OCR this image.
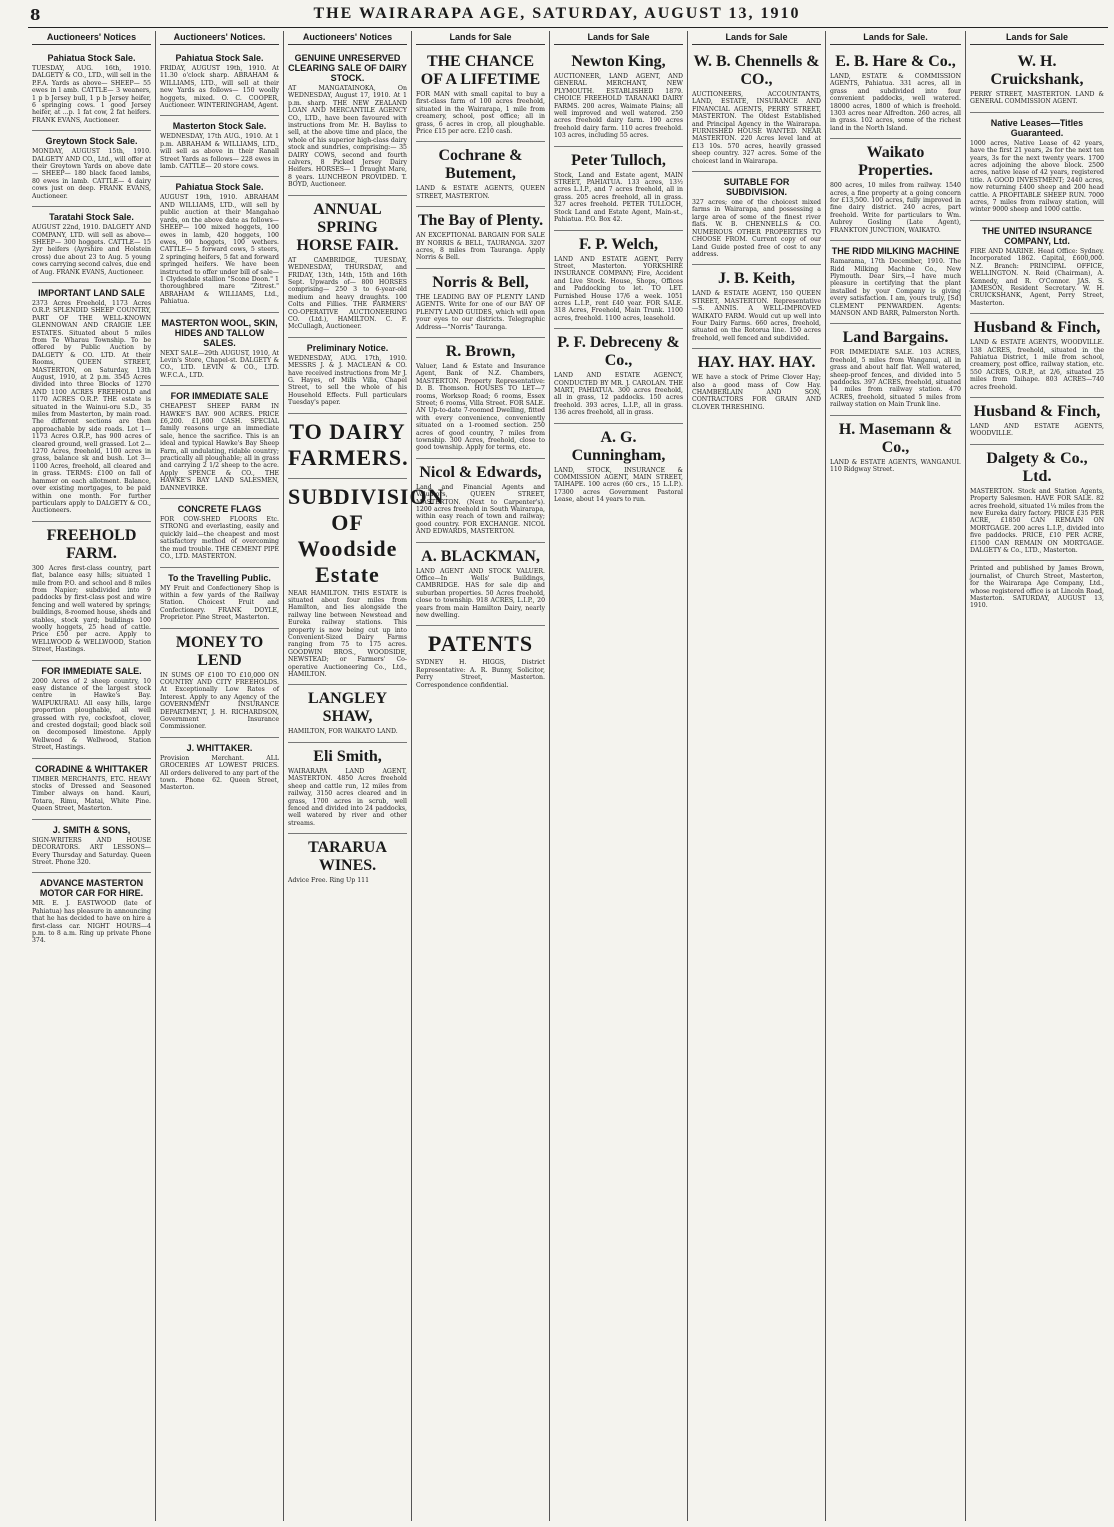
8	THE WAIRARAPA AGE, SATURDAY, AUGUST 13, 1910
Auctioneers' Notices
Pahiatua Stock Sale.
TUESDAY, AUG. 16th, 1910. DALGETY & CO., LTD., will sell in the P.F.A. Yards as above— SHEEP— 55 ewes in l amb. CATTLE— 3 weaners, 1 p b Jersey bull, 1 p b Jersey heifer, 6 springing cows. 1 good Jersey heifer, at ...p. 1 fat cow, 2 fat heifers. FRANK EVANS, Auctioneer.
Greytown Stock Sale.
MONDAY, AUGUST 15th, 1910. DALGETY AND CO., Ltd., will offer at their Greytown Yards on above date— SHEEP— 180 black faced lambs, 80 ewes in lamb. CATTLE— 4 dairy cows just on deep. FRANK EVANS, Auctioneer.
Taratahi Stock Sale.
AUGUST 22nd, 1910. DALGETY AND COMPANY, LTD. will sell as above— SHEEP— 300 hoggets. CATTLE— 15 2yr heifers (Ayrshire and Holstein cross) due about 23 to Aug. 5 young cows carrying second calves, due end of Aug. FRANK EVANS, Auctioneer.
IMPORTANT LAND SALE
2373 Acres Freehold, 1173 Acres O.R.P. SPLENDID SHEEP COUNTRY, PART OF THE WELL-KNOWN GLENNOWAN AND CRAIGIE LEE ESTATES. Situated about 5 miles from Te Wharau Township. To be offered by Public Auction by DALGETY & CO. LTD. At their Rooms, QUEEN STREET, MASTERTON, on Saturday, 13th August, 1910, at 2 p.m. 3545 Acres divided into three Blocks of 1270 AND 1100 ACRES FREEHOLD and 1170 ACRES O.R.P. THE estate is situated in the Wainui-oru S.D., 35 miles from Masterton, by main road. The different sections are then approachable by side roads. Lot 1—1173 Acres O.R.P., has 900 acres of cleared ground, well grassed. Lot 2—1270 Acres, freehold, 1100 acres in grass, balance sk and bush. Lot 3—1100 Acres, freehold, all cleared and in grass. TERMS: £100 on fall of hammer on each allotment. Balance, over existing mortgages, to be paid within one month. For further particulars apply to DALGETY & CO., Auctioneers.
FREEHOLD FARM.
300 Acres first-class country, part flat, balance easy hills; situated 1 mile from P.O. and school and 8 miles from Napier; subdivided into 9 paddocks by first-class post and wire fencing and well watered by springs; buildings, 8-roomed house, sheds and stables, stock yard; buildings 100 woolly hoggets, 25 head of cattle. Price £50 per acre. Apply to WELLWOOD & WELLWOOD, Station Street, Hastings.
FOR IMMEDIATE SALE.
2000 Acres of 2 sheep country, 10 easy distance of the largest stock centre in Hawke's Bay. WAIPUKURAU. All easy hills, large proportion ploughable, all well grassed with rye, cocksfoot, clover, and crested dogstail; good black soil on decomposed limestone. Apply Wellwood & Wellwood, Station Street, Hastings.
CORADINE & WHITTAKER
TIMBER MERCHANTS, ETC. HEAVY stocks of Dressed and Seasoned Timber always on hand. Kauri, Totara, Rimu, Matai, White Pine. Queen Street, Masterton.
J. SMITH & SONS,
SIGN-WRITERS AND HOUSE DECORATORS. ART LESSONS—Every Thursday and Saturday. Queen Street. Phone 320.
ADVANCE MASTERTON MOTOR CAR FOR HIRE.
MR. E. J. EASTWOOD (late of Pahiatua) has pleasure in announcing that he has decided to have on hire a first-class car. NIGHT HOURS—4 p.m. to 8 a.m. Ring up private Phone 374.
Auctioneers' Notices.
Pahiatua Stock Sale.
FRIDAY, AUGUST 19th, 1910. At 11.30 o'clock sharp. ABRAHAM & WILLIAMS, LTD., will sell at their new Yards as follows— 150 woolly hoggets, mixed. O. C. COOPER, Auctioneer. WINTERINGHAM, Agent.
Masterton Stock Sale.
WEDNESDAY, 17th AUG., 1910. At 1 p.m. ABRAHAM & WILLIAMS, LTD., will sell as above in their Ranall Street Yards as follows— 228 ewes in lamb. CATTLE— 20 store cows.
Pahiatua Stock Sale.
AUGUST 19th, 1910. ABRAHAM AND WILLIAMS, LTD., will sell by public auction at their Mangahao yards, on the above date as follows— SHEEP— 100 mixed hoggets, 100 ewes in lamb, 420 hoggets, 100 ewes, 90 hoggets, 100 wethers. CATTLE— 5 forward cows, 5 steers, 2 springing heifers, 5 fat and forward springed heifers. We have been instructed to offer under bill of sale— 1 Clydesdale stallion "Scone Doon." 1 thoroughbred mare "Zitrest." ABRAHAM & WILLIAMS, Ltd., Pahiatua.
MASTERTON WOOL, SKIN, HIDES AND TALLOW SALES.
NEXT SALE—29th AUGUST, 1910, At Levin's Store, Chapel-st. DALGETY & CO., LTD. LEVIN & CO., LTD. W.F.C.A., LTD.
FOR IMMEDIATE SALE
CHEAPEST SHEEP FARM IN HAWKE'S BAY. 900 ACRES. PRICE £6,200. £1,800 CASH. SPECIAL family reasons urge an immediate sale, hence the sacrifice. This is an ideal and typical Hawke's Bay Sheep Farm, all undulating, ridable country; practically all ploughable; all in grass and carrying 2 1/2 sheep to the acre. Apply SPENCE & CO., THE HAWKE'S BAY LAND SALESMEN, DANNEVIRKE.
CONCRETE FLAGS
FOR COW-SHED FLOORS Etc. STRONG and everlasting, easily and quickly laid—the cheapest and most satisfactory method of overcoming the mud trouble. THE CEMENT PIPE CO., LTD. MASTERTON.
To the Travelling Public.
MY Fruit and Confectionery Shop is within a few yards of the Railway Station. Choicest Fruit and Confectionery. FRANK DOYLE, Proprietor. Pine Street, Masterton.
MONEY TO LEND
IN SUMS OF £100 TO £10,000 ON COUNTRY AND CITY FREEHOLDS. At Exceptionally Low Rates of Interest. Apply to any Agency of the GOVERNMENT INSURANCE DEPARTMENT, J. H. RICHARDSON, Government Insurance Commissioner.
J. WHITTAKER.
Provision Merchant. ALL GROCERIES AT LOWEST PRICES. All orders delivered to any part of the town. Phone 62. Queen Street, Masterton.
Auctioneers' Notices
GENUINE UNRESERVED CLEARING SALE OF DAIRY STOCK.
AT MANGATAINOKA, On WEDNESDAY, August 17, 1910. At 1 p.m. sharp. THE NEW ZEALAND LOAN AND MERCANTILE AGENCY CO., LTD., have been favoured with instructions from Mr. H. Bayliss to sell, at the above time and place, the whole of his superior high-class dairy stock and sundries, comprising:— 35 DAIRY COWS, second and fourth calvers, 8 Picked Jersey Dairy Heifers. HORSES— 1 Draught Mare, 8 years. LUNCHEON PROVIDED. T. BOYD, Auctioneer.
ANNUAL SPRING HORSE FAIR.
AT CAMBRIDGE, TUESDAY, WEDNESDAY, THURSDAY, and FRIDAY, 13th, 14th, 15th and 16th Sept. Upwards of— 800 HORSES comprising— 250 3 to 6-year-old medium and heavy draughts. 100 Colts and Fillies. THE FARMERS' CO-OPERATIVE AUCTIONEERING CO. (Ltd.), HAMILTON. C. F. McCullagh, Auctioneer.
Preliminary Notice.
WEDNESDAY, AUG. 17th, 1910. MESSRS J. & J. MACLEAN & CO. have received instructions from Mr J. G. Hayes, of Mills Villa, Chapel Street, to sell the whole of his Household Effects. Full particulars Tuesday's paper.
TO DAIRY FARMERS.
SUBDIVISION OF Woodside Estate
NEAR HAMILTON. THIS ESTATE is situated about four miles from Hamilton, and lies alongside the railway line between Newstead and Eureka railway stations. This property is now being cut up into Convenient-Sized Dairy Farms ranging from 75 to 175 acres. GOODWIN BROS., WOODSIDE, NEWSTEAD; or Farmers' Co-operative Auctioneering Co., Ltd., HAMILTON.
LANGLEY SHAW,
HAMILTON, FOR WAIKATO LAND.
Eli Smith,
WAIRARAPA LAND AGENT, MASTERTON. 4850 Acres freehold sheep and cattle run, 12 miles from railway, 3150 acres cleared and in grass, 1700 acres in scrub, well fenced and divided into 24 paddocks, well watered by river and other streams.
TARARUA WINES.
Advice Free. Ring Up 111
Lands for Sale
THE CHANCE OF A LIFETIME
FOR MAN with small capital to buy a first-class farm of 100 acres freehold, situated in the Wairarapa, 1 mile from creamery, school, post office; all in grass, 6 acres in crop, all ploughable. Price £15 per acre. £210 cash.
Cochrane & Butement,
LAND & ESTATE AGENTS, QUEEN STREET, MASTERTON.
The Bay of Plenty.
AN EXCEPTIONAL BARGAIN FOR SALE BY NORRIS & BELL, TAURANGA. 3207 acres, 8 miles from Tauranga. Apply Norris & Bell.
Norris & Bell,
THE LEADING BAY OF PLENTY LAND AGENTS. Write for one of our BAY OF PLENTY LAND GUIDES, which will open your eyes to our districts. Telegraphic Address—"Norris" Tauranga.
R. Brown,
Valuer, Land & Estate and Insurance Agent, Bank of N.Z. Chambers, MASTERTON. Property Representative: D. B. Thomson. HOUSES TO LET—7 rooms, Worksop Road; 6 rooms, Essex Street; 6 rooms, Villa Street. FOR SALE. AN Up-to-date 7-roomed Dwelling, fitted with every convenience, conveniently situated on a 1-roomed section. 250 acres of good country, 7 miles from township. 300 Acres, freehold, close to good township. Apply for terms, etc.
Nicol & Edwards,
Land and Financial Agents and Valuators, QUEEN STREET, MASTERTON. (Next to Carpenter's). 1200 acres freehold in South Wairarapa, within easy reach of town and railway; good country. FOR EXCHANGE. NICOL AND EDWARDS, MASTERTON.
A. BLACKMAN,
LAND AGENT AND STOCK VALUER. Office—In Wells' Buildings, CAMBRIDGE. HAS for sale dip and suburban properties. 50 Acres freehold, close to township. 918 ACRES, L.I.P., 20 years from main Hamilton Dairy, nearly new dwelling.
PATENTS
SYDNEY H. HIGGS, District Representative: A. R. Bunny, Solicitor, Perry Street, Masterton. Correspondence confidential.
Lands for Sale
Newton King,
AUCTIONEER, LAND AGENT, AND GENERAL MERCHANT, NEW PLYMOUTH. ESTABLISHED 1879. CHOICE FREEHOLD TARANAKI DAIRY FARMS. 200 acres, Waimate Plains; all well improved and well watered. 250 acres freehold dairy farm. 190 acres freehold dairy farm. 110 acres freehold. 103 acres, including 55 acres.
Peter Tulloch,
Stock, Land and Estate agent, MAIN STREET, PAHIATUA. 133 acres, 13½ acres L.I.P., and 7 acres freehold, all in grass. 205 acres freehold, all in grass. 327 acres freehold. PETER TULLOCH, Stock Land and Estate Agent, Main-st., Pahiatua. P.O. Box 42.
F. P. Welch,
LAND AND ESTATE AGENT, Perry Street, Masterton. YORKSHIRE INSURANCE COMPANY; Fire, Accident and Live Stock. House, Shops, Offices and Paddocking to let. TO LET. Furnished House 17/6 a week. 1051 acres L.I.P., rent £40 year. FOR SALE. 318 Acres, Freehold, Main Trunk. 1100 acres, freehold. 1100 acres, leasehold.
P. F. Debreceny & Co.,
LAND AND ESTATE AGENCY, CONDUCTED BY MR. J. CAROLAN. THE MART, PAHIATUA. 300 acres freehold, all in grass, 12 paddocks. 150 acres freehold. 393 acres, L.I.P., all in grass. 136 acres freehold, all in grass.
A. G. Cunningham,
LAND, STOCK, INSURANCE & COMMISSION AGENT, MAIN STREET, TAIHAPE. 100 acres (60 crs., 15 L.I.P.). 17300 acres Government Pastoral Lease, about 14 years to run.
Lands for Sale
W. B. Chennells & CO.,
AUCTIONEERS, ACCOUNTANTS, LAND, ESTATE, INSURANCE AND FINANCIAL AGENTS, PERRY STREET, MASTERTON. The Oldest Established and Principal Agency in the Wairarapa. FURNISHED HOUSE WANTED. NEAR MASTERTON. 220 Acres level land at £13 10s. 570 acres, heavily grassed sheep country. 327 acres. Some of the choicest land in Wairarapa.
SUITABLE FOR SUBDIVISION.
327 acres; one of the choicest mixed farms in Wairarapa, and possessing a large area of some of the finest river flats. W. B. CHENNELLS & CO. NUMEROUS OTHER PROPERTIES TO CHOOSE FROM. Current copy of our Land Guide posted free of cost to any address.
J. B. Keith,
LAND & ESTATE AGENT, 150 QUEEN STREET, MASTERTON. Representative—S. ANNIS. A WELL-IMPROVED WAIKATO FARM. Would cut up well into Four Dairy Farms. 660 acres, freehold, situated on the Rotorua line. 150 acres freehold, well fenced and subdivided.
HAY. HAY. HAY.
WE have a stock of Prime Clover Hay; also a good mass of Cow Hay. CHAMBERLAIN AND SON, CONTRACTORS FOR GRAIN AND CLOVER THRESHING.
Lands for Sale.
E. B. Hare & Co.,
LAND, ESTATE & COMMISSION AGENTS, Pahiatua. 331 acres, all in grass and subdivided into four convenient paddocks, well watered. 18000 acres, 1800 of which is freehold. 1303 acres near Alfredton. 260 acres, all in grass. 102 acres, some of the richest land in the North Island.
Waikato Properties.
800 acres, 10 miles from railway. 1540 acres, a fine property at a going concern for £13,500. 100 acres, fully improved in fine dairy district. 240 acres, part freehold. Write for particulars to Wm. Aubrey Gosling (Late Agent), FRANKTON JUNCTION, WAIKATO.
THE RIDD MILKING MACHINE
Ramarama, 17th December, 1910. The Ridd Milking Machine Co., New Plymouth. Dear Sirs,—I have much pleasure in certifying that the plant installed by your Company is giving every satisfaction. I am, yours truly, [Sd] CLEMENT PENWARDEN. Agents: MANSON AND BARR, Palmerston North.
Land Bargains.
FOR IMMEDIATE SALE. 103 ACRES, freehold, 5 miles from Wanganui, all in grass and about half flat. Well watered, sheep-proof fences, and divided into 5 paddocks. 397 ACRES, freehold, situated 14 miles from railway station. 470 ACRES, freehold, situated 5 miles from railway station on Main Trunk line.
H. Masemann & Co.,
LAND & ESTATE AGENTS, WANGANUI. 110 Ridgway Street.
Lands for Sale
W. H. Cruickshank,
PERRY STREET, MASTERTON. LAND & GENERAL COMMISSION AGENT.
Native Leases—Titles Guaranteed.
1000 acres, Native Lease of 42 years, have the first 21 years, 2s for the next ten years, 3s for the next twenty years. 1700 acres adjoining the above block. 2500 acres, native lease of 42 years, registered title. A GOOD INVESTMENT; 2440 acres, now returning £400 sheep and 200 head cattle. A PROFITABLE SHEEP RUN. 7000 acres, 7 miles from railway station, will winter 9000 sheep and 1000 cattle.
THE UNITED INSURANCE COMPANY, Ltd.
FIRE AND MARINE. Head Office: Sydney. Incorporated 1862. Capital, £600,000. N.Z. Branch: PRINCIPAL OFFICE, WELLINGTON. N. Reid (Chairman), A. Kennedy, and R. O'Connor. JAS. S. JAMESON, Resident Secretary. W. H. CRUICKSHANK, Agent, Perry Street, Masterton.
Husband & Finch,
LAND & ESTATE AGENTS, WOODVILLE. 138 ACRES, freehold, situated in the Pahiatua District, 1 mile from school, creamery, post office, railway station, etc. 550 ACRES, O.R.P., at 2/6, situated 25 miles from Taihape. 803 ACRES—740 acres freehold.
Husband & Finch,
LAND AND ESTATE AGENTS, WOODVILLE.
Dalgety & Co., Ltd.
MASTERTON. Stock and Station Agents, Property Salesmen. HAVE FOR SALE. 82 acres freehold, situated 1¼ miles from the new Eureka dairy factory. PRICE £35 PER ACRE, £1850 CAN REMAIN ON MORTGAGE. 200 acres L.I.P., divided into five paddocks. PRICE, £10 PER ACRE, £1500 CAN REMAIN ON MORTGAGE. DALGETY & Co., LTD., Masterton.
Printed and published by James Brown, journalist, of Church Street, Masterton, for the Wairarapa Age Company, Ltd., whose registered office is at Lincoln Road, Masterton. SATURDAY, AUGUST 13, 1910.
